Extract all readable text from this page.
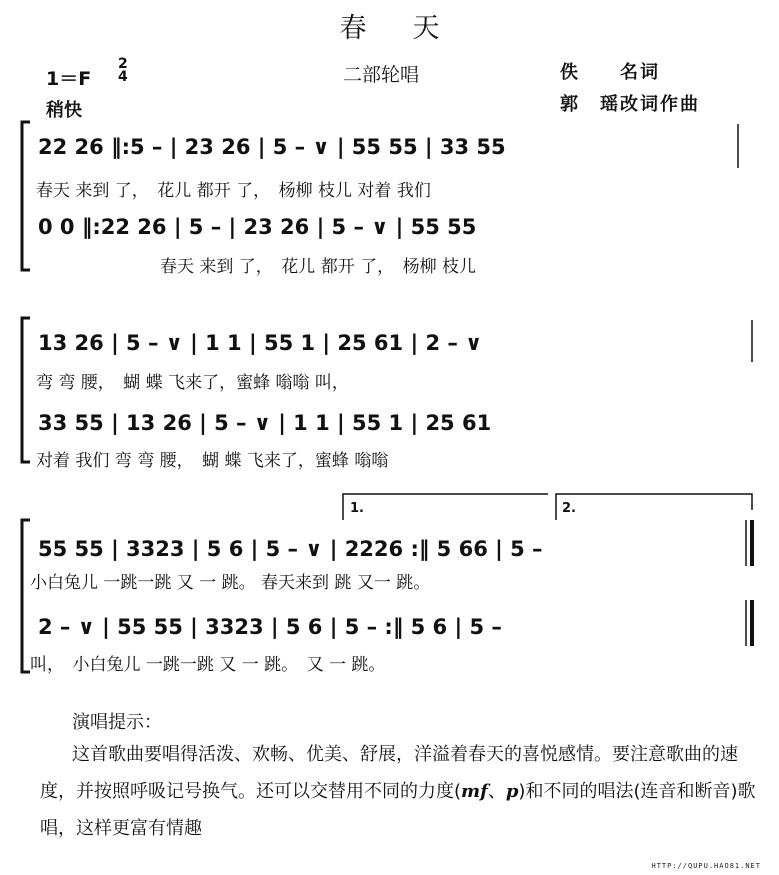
春天
二部轮唱
1＝F
2
4
稍快
佚　　名词
郭　瑶改词作曲
22 26 ‖:5 – | 23 26 | 5 – ∨ | 55 55 | 33 55
春天 来到 了，　花儿 都开 了，　杨柳 枝儿 对着 我们
0 0 ‖:22 26 | 5 – | 23 26 | 5 – ∨ | 55 55
春天 来到 了，　花儿 都开 了，　杨柳 枝儿
13 26 | 5 – ∨ | 1 1 | 55 1 | 25 61 | 2 – ∨
弯 弯 腰，　蝴 蝶 飞来了，蜜蜂 嗡嗡 叫，
33 55 | 13 26 | 5 – ∨ | 1 1 | 55 1 | 25 61
对着 我们 弯 弯 腰，　蝴 蝶 飞来了，蜜蜂 嗡嗡
1.	2.
55 55 | 3323 | 5 6 | 5 – ∨ | 2226 :‖ 5 66 | 5 –
小白兔儿 一跳一跳 又 一 跳。 春天来到 跳 又一 跳。
2 – ∨ | 55 55 | 3323 | 5 6 | 5 – :‖ 5 6 | 5 –
叫，　小白兔儿 一跳一跳 又 一 跳。　又 一 跳。
演唱提示：
这首歌曲要唱得活泼、欢畅、优美、舒展，洋溢着春天的喜悦感情。要注意歌曲的速度，并按照呼吸记号换气。还可以交替用不同的力度(mf、p)和不同的唱法(连音和断音)歌唱，这样更富有情趣
HTTP://QUPU.HAO81.NET
